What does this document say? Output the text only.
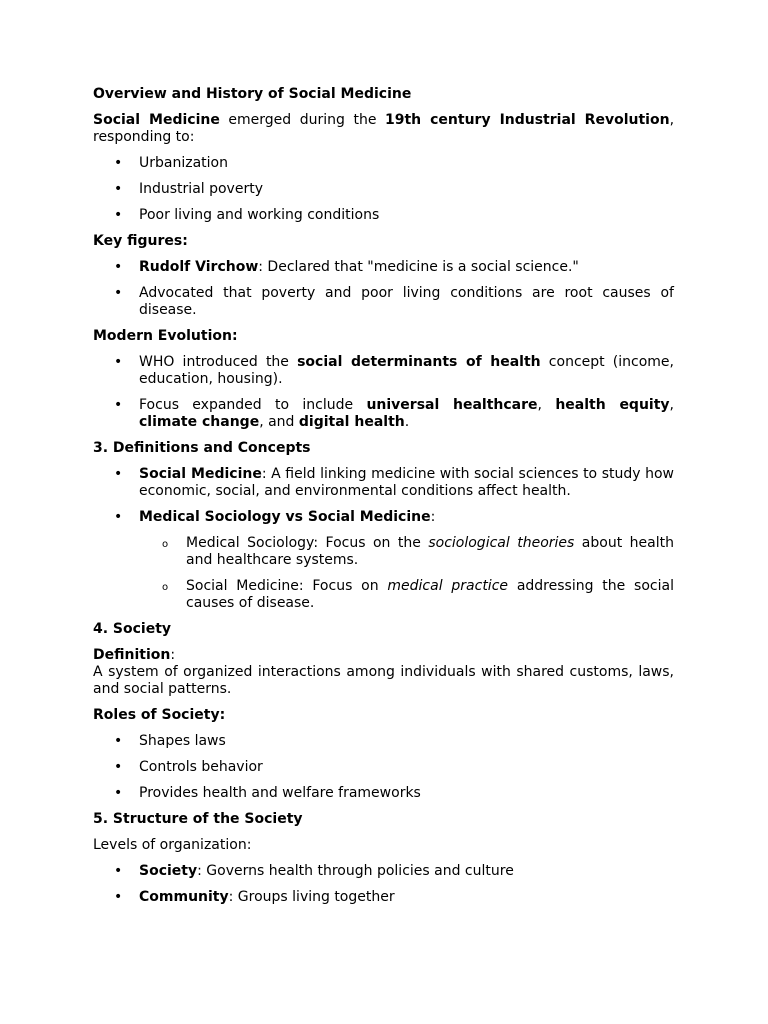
Overview and History of Social Medicine

Social Medicine emerged during the 19th century Industrial Revolution, responding to:

• Urbanization
• Industrial poverty
• Poor living and working conditions

Key figures:

• Rudolf Virchow: Declared that "medicine is a social science."
• Advocated that poverty and poor living conditions are root causes of disease.

Modern Evolution:

• WHO introduced the social determinants of health concept (income, education, housing).
• Focus expanded to include universal healthcare, health equity, climate change, and digital health.

3. Definitions and Concepts

• Social Medicine: A field linking medicine with social sciences to study how economic, social, and environmental conditions affect health.
• Medical Sociology vs Social Medicine:
o Medical Sociology: Focus on the sociological theories about health and healthcare systems.
o Social Medicine: Focus on medical practice addressing the social causes of disease.

4. Society

Definition:
A system of organized interactions among individuals with shared customs, laws, and social patterns.

Roles of Society:

• Shapes laws
• Controls behavior
• Provides health and welfare frameworks

5. Structure of the Society

Levels of organization:

• Society: Governs health through policies and culture
• Community: Groups living together
